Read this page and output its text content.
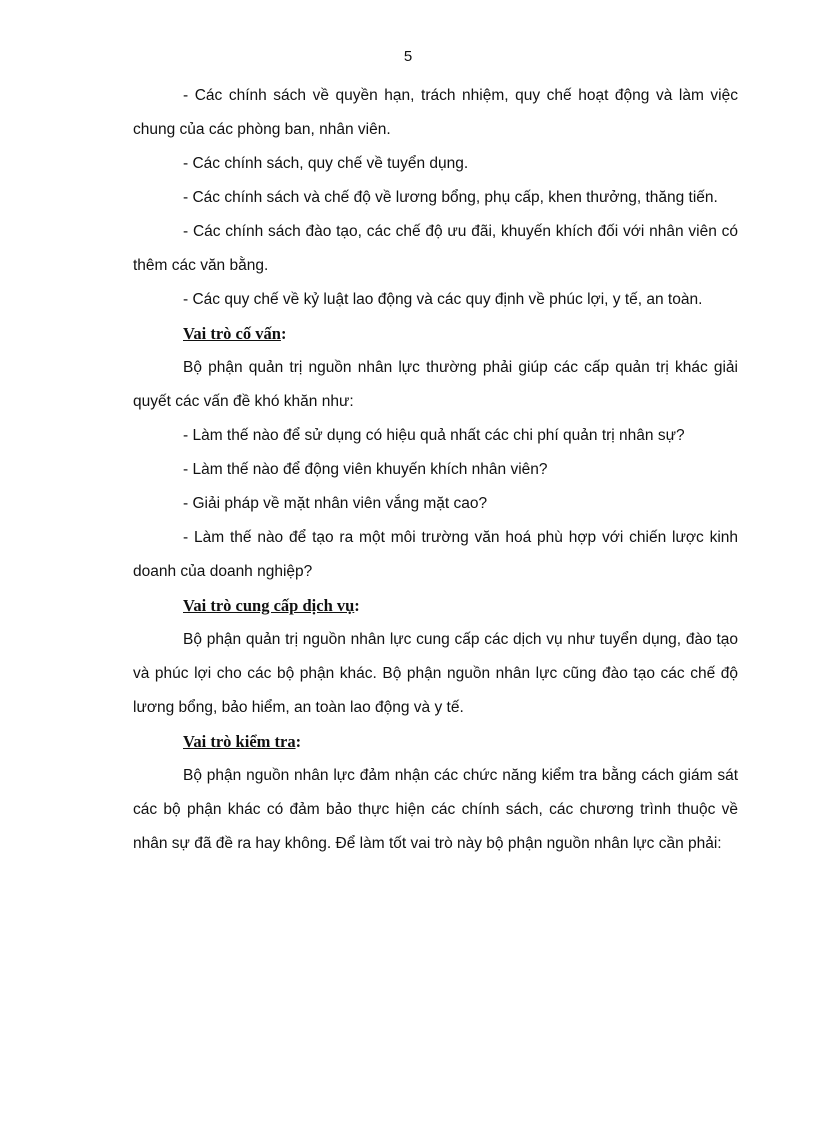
5

- Các chính sách về quyền hạn, trách nhiệm, quy chế hoạt động và làm việc chung của các phòng ban, nhân viên.

- Các chính sách, quy chế về tuyển dụng.

- Các chính sách và chế độ về lương bổng, phụ cấp, khen thưởng, thăng tiến.

- Các chính sách đào tạo, các chế độ ưu đãi, khuyến khích đối với nhân viên có thêm các văn bằng.

- Các quy chế về kỷ luật lao động và các quy định về phúc lợi, y tế, an toàn.

Vai trò cố vấn:

Bộ phận quản trị nguồn nhân lực thường phải giúp các cấp quản trị khác giải quyết các vấn đề khó khăn như:

- Làm thế nào để sử dụng có hiệu quả nhất các chi phí quản trị nhân sự?

- Làm thế nào để động viên khuyến khích nhân viên?

- Giải pháp về mặt nhân viên vắng mặt cao?

- Làm thế nào để tạo ra một môi trường văn hoá phù hợp với chiến lược kinh doanh của doanh nghiệp?

Vai trò cung cấp dịch vụ:

Bộ phận quản trị nguồn nhân lực cung cấp các dịch vụ như tuyển dụng, đào tạo và phúc lợi cho các bộ phận khác. Bộ phận nguồn nhân lực cũng đào tạo các chế độ lương bổng, bảo hiểm, an toàn lao động và y tế.

Vai trò kiểm tra:

Bộ phận nguồn nhân lực đảm nhận các chức năng kiểm tra bằng cách giám sát các bộ phận khác có đảm bảo thực hiện các chính sách, các chương trình thuộc về nhân sự đã đề ra hay không. Để làm tốt vai trò này bộ phận nguồn nhân lực cần phải:
